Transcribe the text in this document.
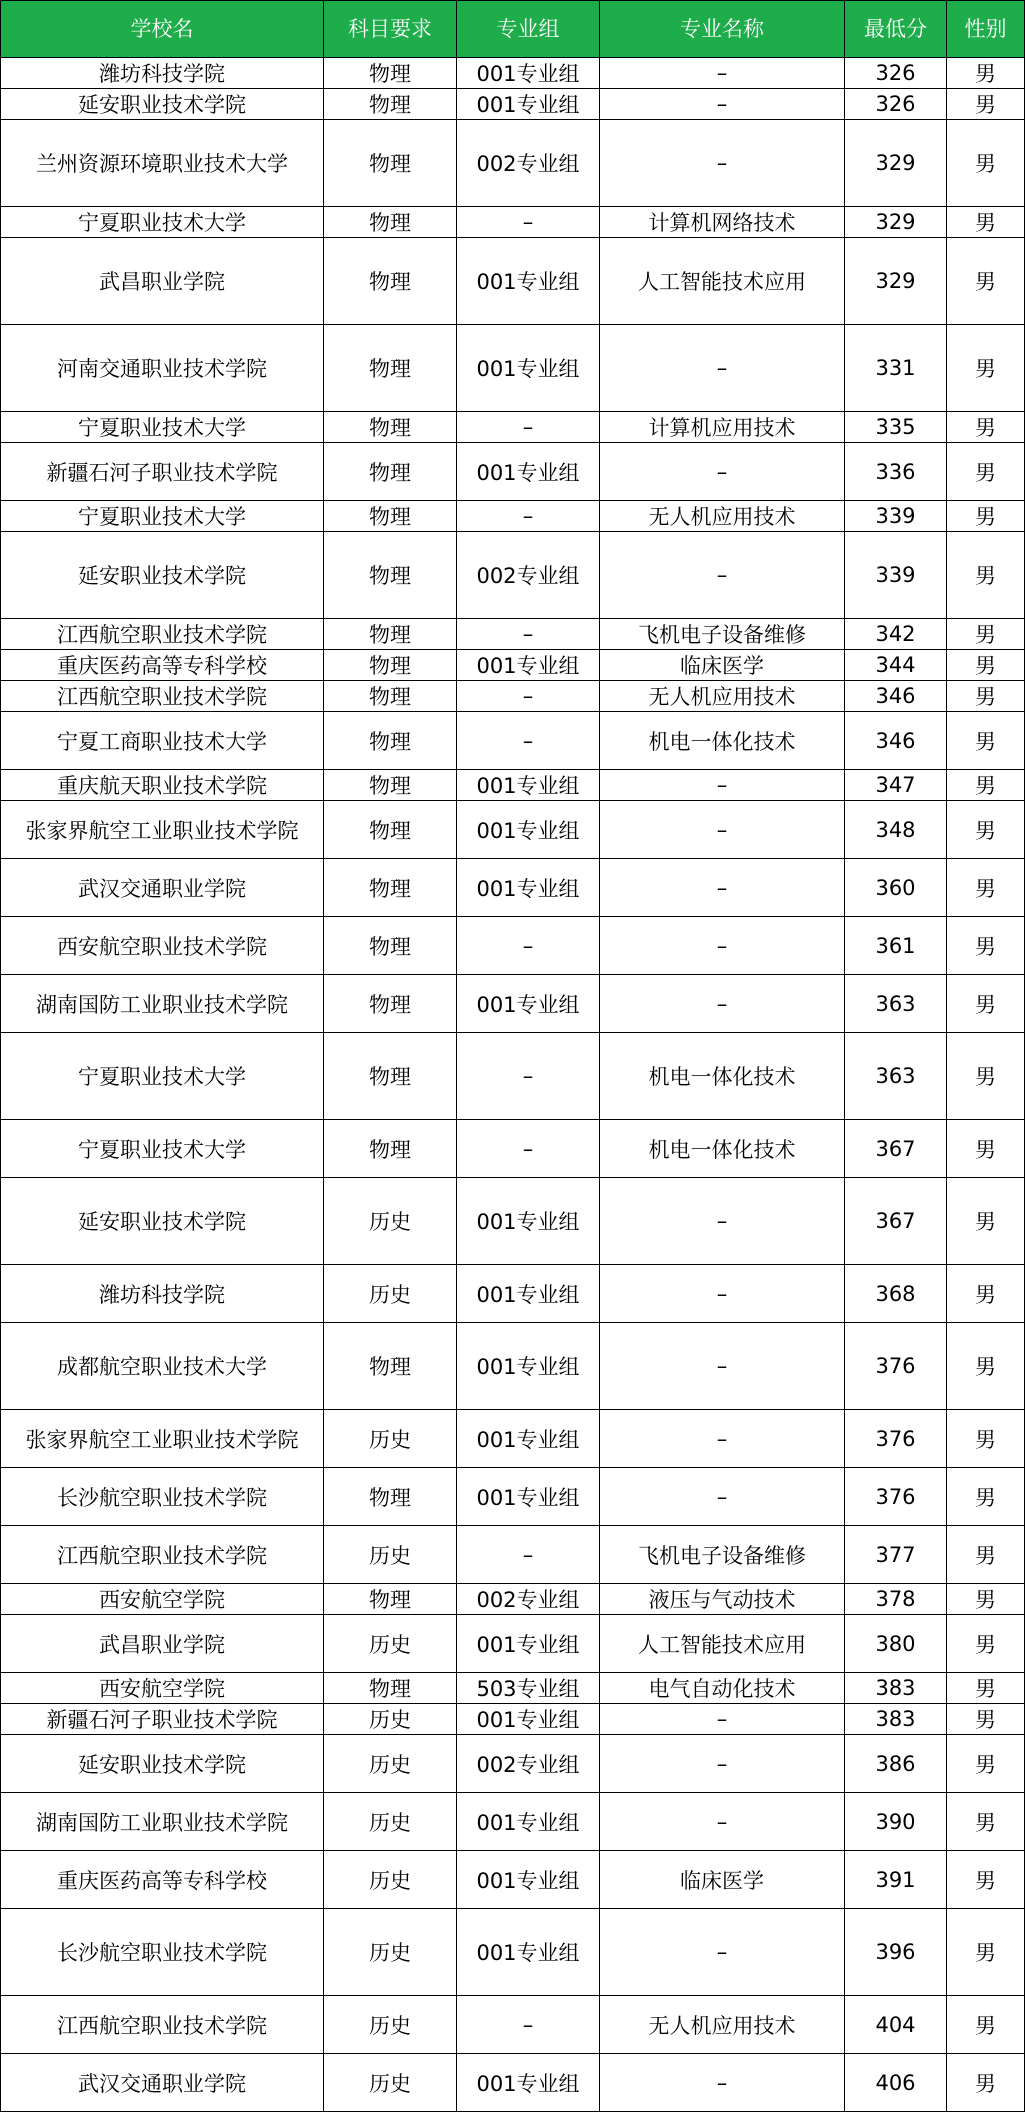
学校名	科目要求	专业组	专业名称	最低分	性别
潍坊科技学院	物理	001专业组	–	326	男
延安职业技术学院	物理	001专业组	–	326	男
兰州资源环境职业技术大学	物理	002专业组	–	329	男
宁夏职业技术大学	物理	–	计算机网络技术	329	男
武昌职业学院	物理	001专业组	人工智能技术应用	329	男
河南交通职业技术学院	物理	001专业组	–	331	男
宁夏职业技术大学	物理	–	计算机应用技术	335	男
新疆石河子职业技术学院	物理	001专业组	–	336	男
宁夏职业技术大学	物理	–	无人机应用技术	339	男
延安职业技术学院	物理	002专业组	–	339	男
江西航空职业技术学院	物理	–	飞机电子设备维修	342	男
重庆医药高等专科学校	物理	001专业组	临床医学	344	男
江西航空职业技术学院	物理	–	无人机应用技术	346	男
宁夏工商职业技术大学	物理	–	机电一体化技术	346	男
重庆航天职业技术学院	物理	001专业组	–	347	男
张家界航空工业职业技术学院	物理	001专业组	–	348	男
武汉交通职业学院	物理	001专业组	–	360	男
西安航空职业技术学院	物理	–	–	361	男
湖南国防工业职业技术学院	物理	001专业组	–	363	男
宁夏职业技术大学	物理	–	机电一体化技术	363	男
宁夏职业技术大学	物理	–	机电一体化技术	367	男
延安职业技术学院	历史	001专业组	–	367	男
潍坊科技学院	历史	001专业组	–	368	男
成都航空职业技术大学	物理	001专业组	–	376	男
张家界航空工业职业技术学院	历史	001专业组	–	376	男
长沙航空职业技术学院	物理	001专业组	–	376	男
江西航空职业技术学院	历史	–	飞机电子设备维修	377	男
西安航空学院	物理	002专业组	液压与气动技术	378	男
武昌职业学院	历史	001专业组	人工智能技术应用	380	男
西安航空学院	物理	503专业组	电气自动化技术	383	男
新疆石河子职业技术学院	历史	001专业组	–	383	男
延安职业技术学院	历史	002专业组	–	386	男
湖南国防工业职业技术学院	历史	001专业组	–	390	男
重庆医药高等专科学校	历史	001专业组	临床医学	391	男
长沙航空职业技术学院	历史	001专业组	–	396	男
江西航空职业技术学院	历史	–	无人机应用技术	404	男
武汉交通职业学院	历史	001专业组	–	406	男
